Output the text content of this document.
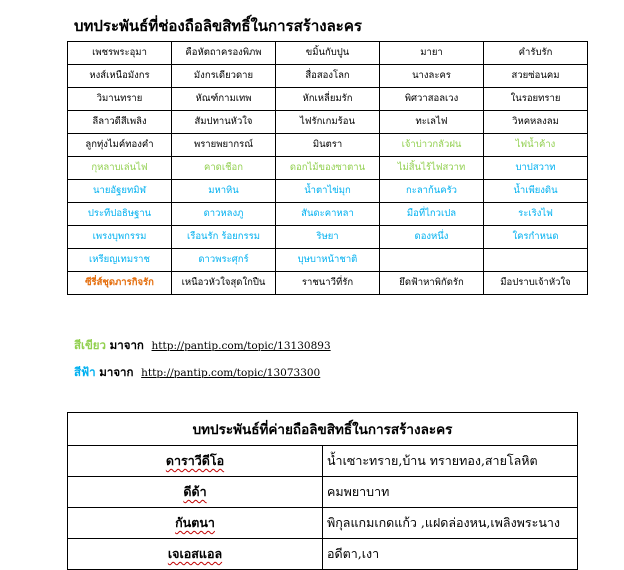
บทประพันธ์ที่ช่องถือลิขสิทธิ์ในการสร้างละคร
เพชรพระอุมา	คือหัตถาครองพิภพ	ขมิ้นกับปูน	มายา	คำรับรัก
หงส์เหนือมังกร	มังกรเดียวดาย	สื่อสองโลก	นางละคร	สวยซ่อนคม
วิมานทราย	หัณฑ์กามเทพ	หักเหลี่ยมรัก	พิศวาสอลเวง	ในรอยทราย
ลีลาวดีสีเพลิง	สัมปทานหัวใจ	ไฟรักเกมร้อน	ทะเลไฟ	วิหคหลงลม
ลูกทุ่งไมค์ทองคำ	พรายพยากรณ์	มินตรา	เจ้าบ่าวกลัวฝน	ไฟน้ำค้าง
กุหลาบเล่นไฟ	คาดเชือก	ดอกไม้ของซาตาน	ไม่สิ้นไร้ไฟสวาท	บาปสวาท
นายอัฐยทมิฬ	มหาหิน	น้ำตาไข่มุก	กะลาก้นครัว	น้ำเพียงดิน
ประทีปอธิษฐาน	ดาวหลงภู	สันดะคาหลา	มือที่ไกวเปล	ระเริงไฟ
เพรงบุพกรรม	เรือนรัก ร้อยกรรม	ริษยา	ดองหนึ่ง	ใครกำหนด
เหรียญเทมราช	ดาวพระศุกร์	บุษบาหน้าชาติ		
ซีรี่ส์ชุดภารกิจรัก	เหนือวหัวใจสุดใกปืน	ราชนาวีที่รัก	ยึดฟ้าหาพิกัดรัก	มือปราบเจ้าหัวใจ
สีเขียว มาจาก http://pantip.com/topic/13130893
สีฟ้า มาจาก http://pantip.com/topic/13073300
บทประพันธ์ที่ค่ายถือลิขสิทธิ์ในการสร้างละคร	
ดาราวีดีโอ	น้ำเซาะทราย,บ้าน ทรายทอง,สายโลหิต
ดีด้า	คมพยาบาท
กันตนา	พิกุลแกมเกดแก้ว ,แฝดล่องหน,เพลิงพระนาง
เจเอสแอล	อดีตา,เงา
